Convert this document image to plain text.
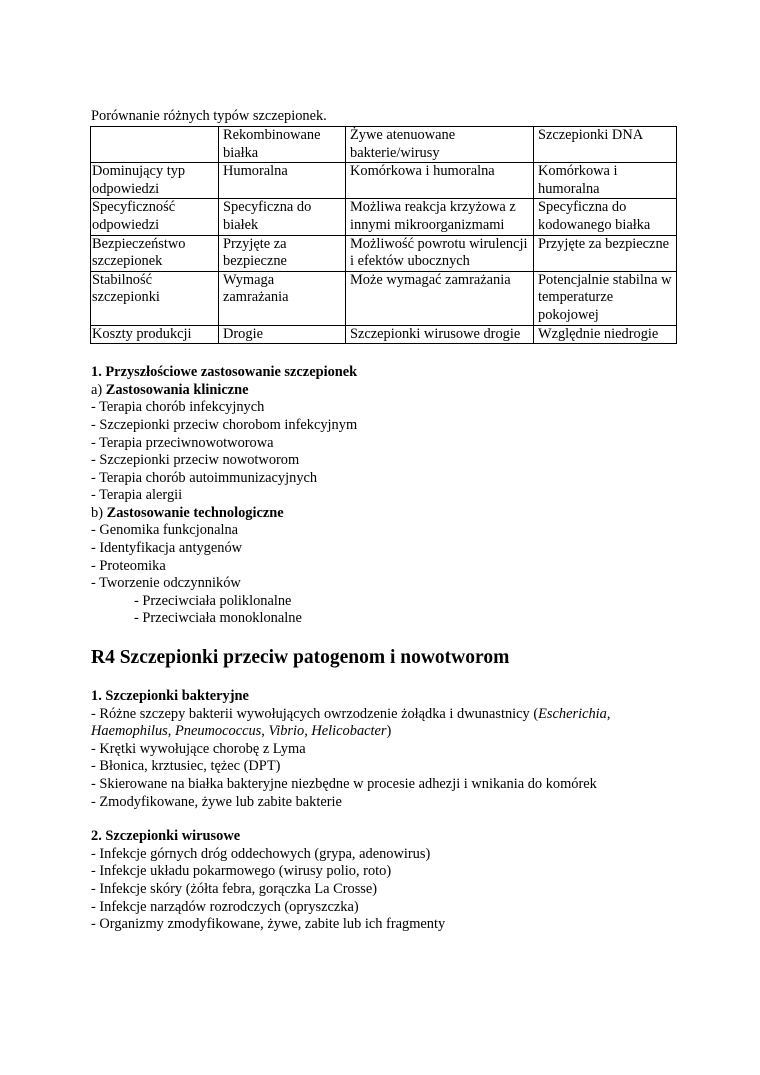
Porównanie różnych typów szczepionek.

	Rekombinowane białka	Żywe atenuowane bakterie/wirusy	Szczepionki DNA
Dominujący typ odpowiedzi	Humoralna	Komórkowa i humoralna	Komórkowa i humoralna
Specyficzność odpowiedzi	Specyficzna do białek	Możliwa reakcja krzyżowa z innymi mikroorganizmami	Specyficzna do kodowanego białka
Bezpieczeństwo szczepionek	Przyjęte za bezpieczne	Możliwość powrotu wirulencji i efektów ubocznych	Przyjęte za bezpieczne
Stabilność szczepionki	Wymaga zamrażania	Może wymagać zamrażania	Potencjalnie stabilna w temperaturze pokojowej
Koszty produkcji	Drogie	Szczepionki wirusowe drogie	Względnie niedrogie
1. Przyszłościowe zastosowanie szczepionek
a) Zastosowania kliniczne
- Terapia chorób infekcyjnych
- Szczepionki przeciw chorobom infekcyjnym
- Terapia przeciwnowotworowa
- Szczepionki przeciw nowotworom
- Terapia chorób autoimmunizacyjnych
- Terapia alergii
b) Zastosowanie technologiczne
- Genomika funkcjonalna
- Identyfikacja antygenów
- Proteomika
- Tworzenie odczynników
- Przeciwciała poliklonalne
- Przeciwciała monoklonalne
R4 Szczepionki przeciw patogenom i nowotworom
1. Szczepionki bakteryjne
- Różne szczepy bakterii wywołujących owrzodzenie żołądka i dwunastnicy (Escherichia, Haemophilus, Pneumococcus, Vibrio, Helicobacter)
- Krętki wywołujące chorobę z Lyma
- Błonica, krztusiec, tężec (DPT)
- Skierowane na białka bakteryjne niezbędne w procesie adhezji i wnikania do komórek
- Zmodyfikowane, żywe lub zabite bakterie
2. Szczepionki wirusowe
- Infekcje górnych dróg oddechowych (grypa, adenowirus)
- Infekcje układu pokarmowego (wirusy polio, roto)
- Infekcje skóry (żółta febra, gorączka La Crosse)
- Infekcje narządów rozrodczych (opryszczka)
- Organizmy zmodyfikowane, żywe, zabite lub ich fragmenty
